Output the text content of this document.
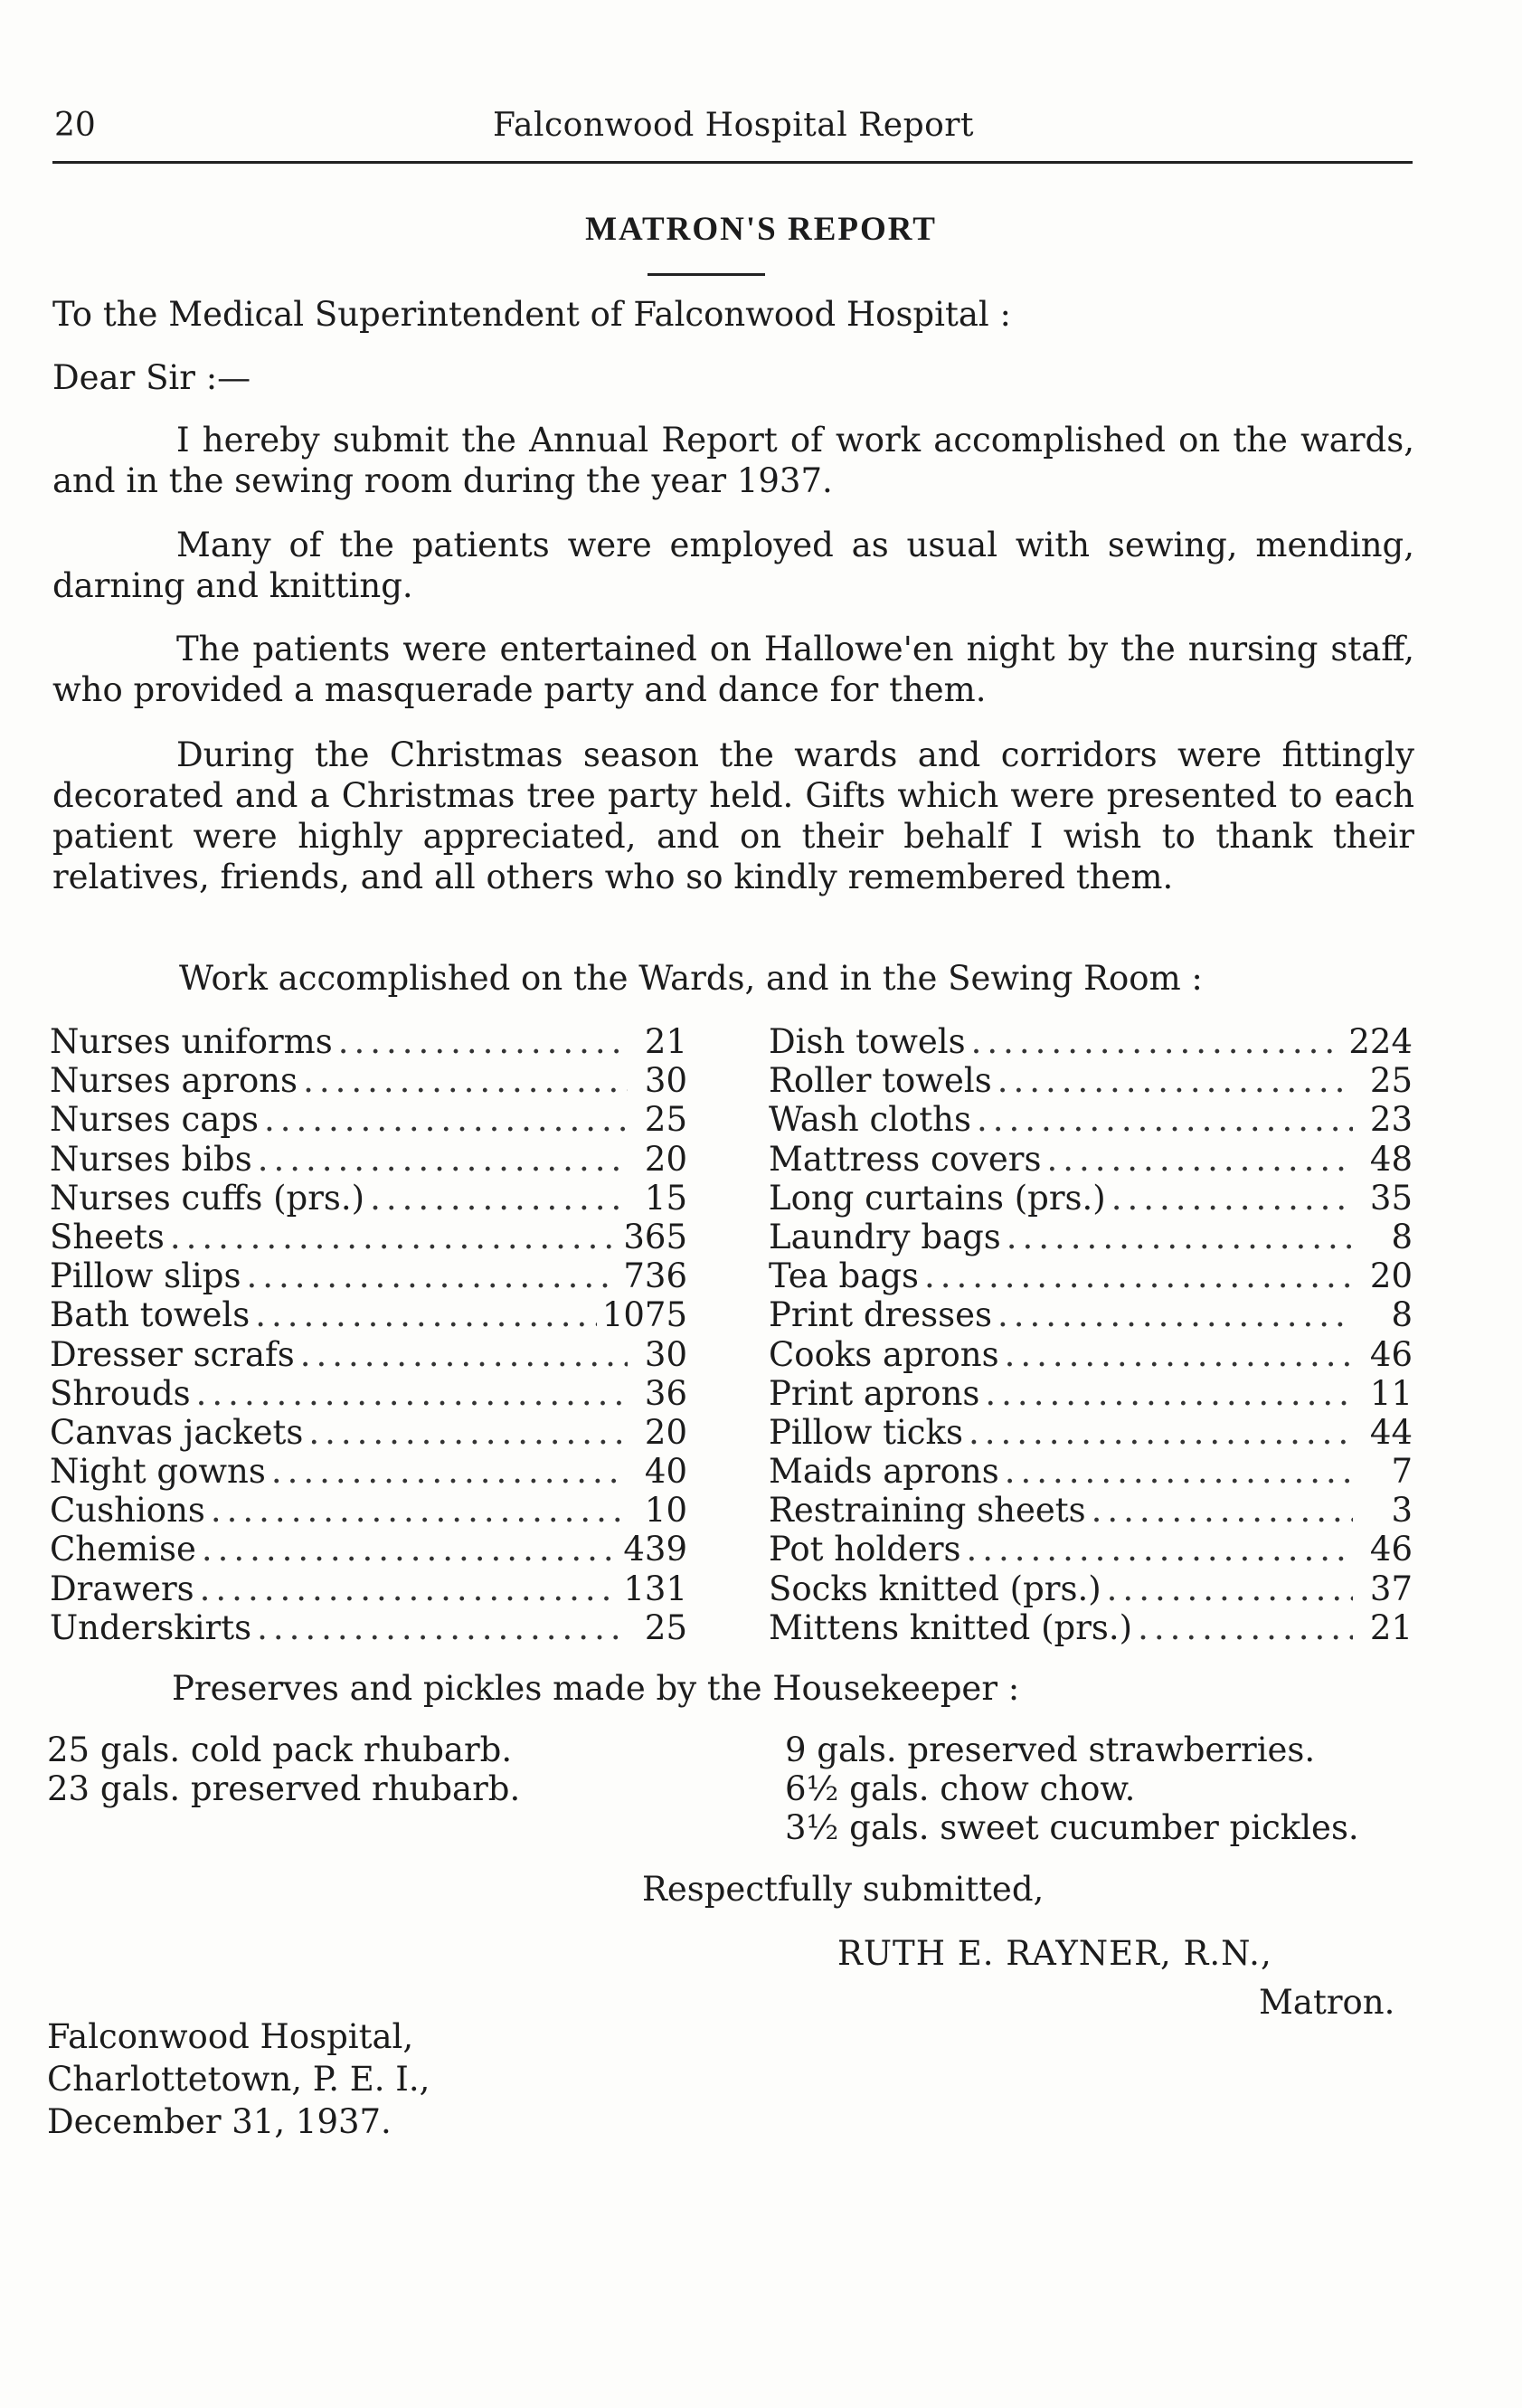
20	Falconwood Hospital Report
MATRON'S REPORT
To the Medical Superintendent of Falconwood Hospital :
Dear Sir :—

I hereby submit the Annual Report of work accomplished on the wards, and in the sewing room during the year 1937.

Many of the patients were employed as usual with sewing, mending, darning and knitting.

The patients were entertained on Hallowe'en night by the nursing staff, who provided a masquerade party and dance for them.

During the Christmas season the wards and corridors were fittingly decorated and a Christmas tree party held. Gifts which were presented to each patient were highly appreciated, and on their behalf I wish to thank their relatives, friends, and all others who so kindly remembered them.

Work accomplished on the Wards, and in the Sewing Room :
Nurses uniforms .....	21
Nurses aprons .....	30
Nurses caps .....	25
Nurses bibs .....	20
Nurses cuffs (prs.) .....	15
Sheets .....	365
Pillow slips .....	736
Bath towels .....	1075
Dresser scrafs .....	30
Shrouds .....	36
Canvas jackets .....	20
Night gowns .....	40
Cushions .....	10
Chemise .....	439
Drawers .....	131
Underskirts .....	25
Dish towels .....	224
Roller towels .....	25
Wash cloths .....	23
Mattress covers .....	48
Long curtains (prs.) .....	35
Laundry bags .....	8
Tea bags .....	20
Print dresses .....	8
Cooks aprons .....	46
Print aprons .....	11
Pillow ticks .....	44
Maids aprons .....	7
Restraining sheets .....	3
Pot holders .....	46
Socks knitted (prs.) .....	37
Mittens knitted (prs.) .....	21
Preserves and pickles made by the Housekeeper :
25 gals. cold pack rhubarb.
23 gals. preserved rhubarb.
9 gals. preserved strawberries.
6½ gals. chow chow.
3½ gals. sweet cucumber pickles.
Respectfully submitted,
RUTH E. RAYNER, R.N.,
Matron.
Falconwood Hospital,
Charlottetown, P. E. I.,
December 31, 1937.
